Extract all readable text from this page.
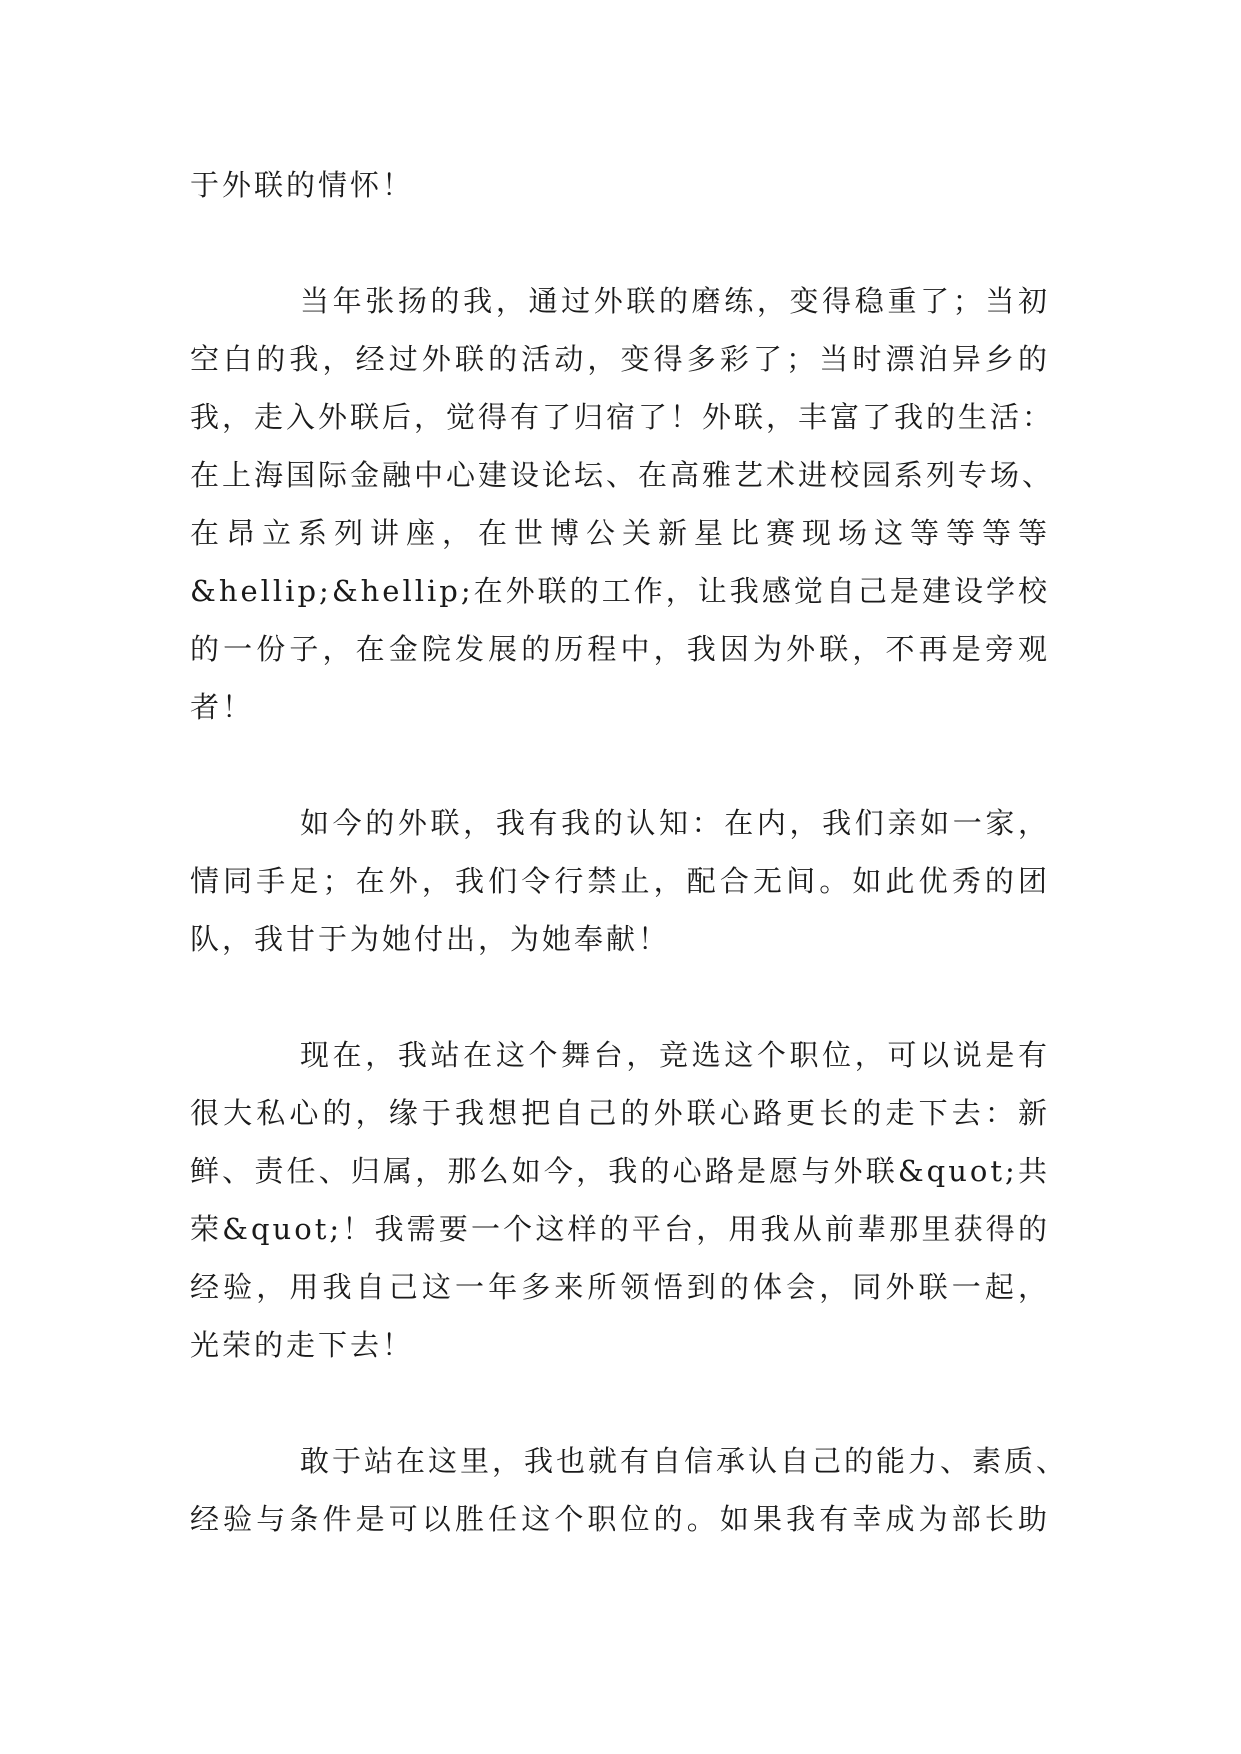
于外联的情怀！

当年张扬的我，通过外联的磨练，变得稳重了；当初

空白的我，经过外联的活动，变得多彩了；当时漂泊异乡的

我，走入外联后，觉得有了归宿了！外联，丰富了我的生活：

在上海国际金融中心建设论坛、在高雅艺术进校园系列专场、

在昂立系列讲座，在世博公关新星比赛现场这等等等等

&hellip;&hellip;在外联的工作，让我感觉自己是建设学校

的一份子，在金院发展的历程中，我因为外联，不再是旁观

者！

如今的外联，我有我的认知：在内，我们亲如一家，

情同手足；在外，我们令行禁止，配合无间。如此优秀的团

队，我甘于为她付出，为她奉献！

现在，我站在这个舞台，竞选这个职位，可以说是有

很大私心的，缘于我想把自己的外联心路更长的走下去：新

鲜、责任、归属，那么如今，我的心路是愿与外联&quot;共

荣&quot;！我需要一个这样的平台，用我从前辈那里获得的

经验，用我自己这一年多来所领悟到的体会，同外联一起，

光荣的走下去！

敢于站在这里，我也就有自信承认自己的能力、素质、

经验与条件是可以胜任这个职位的。如果我有幸成为部长助
